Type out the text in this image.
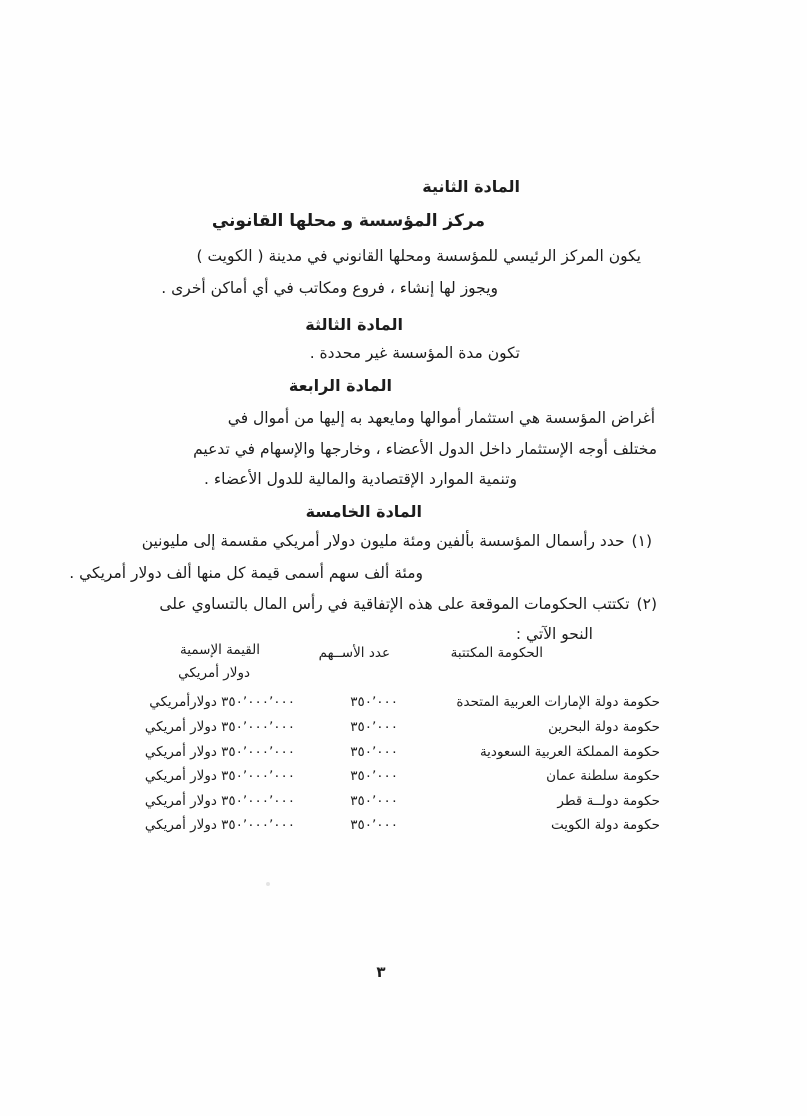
المادة الثانية
مركز المؤسسة و محلها القانوني
يكون المركز الرئيسي للمؤسسة ومحلها القانوني في مدينة ( الكويت )
ويجوز لها إنشاء ، فروع ومكاتب في أي أماكن أخرى .
المادة الثالثة
تكون مدة المؤسسة غير محددة .
المادة الرابعة
أغراض المؤسسة هي استثمار أموالها ومايعهد به إليها من أموال في
مختلف أوجه الإستثمار داخل الدول الأعضاء ، وخارجها والإسهام في تدعيم
وتنمية الموارد الإقتصادية والمالية للدول الأعضاء .
المادة الخامسة
(١)حدد رأسمال المؤسسة بألفين ومئة مليون دولار أمريكي مقسمة إلى مليونين
ومئة ألف سهم أسمى قيمة كل منها ألف دولار أمريكي .
(٢)تكتتب الحكومات الموقعة على هذه الإتفاقية في رأس المال بالتساوي على
النحو الآتي :
الحكومة المكتتبة
عدد الأســهم
القيمة الإسمية
دولار أمريكي
حكومة دولة الإمارات العربية المتحدة
٣٥٠٬٠٠٠
٣٥٠٬٠٠٠٬٠٠٠ دولارأمريكي
حكومة دولة البحرين
٣٥٠٬٠٠٠
٣٥٠٬٠٠٠٬٠٠٠ دولار أمريكي
حكومة المملكة العربية السعودية
٣٥٠٬٠٠٠
٣٥٠٬٠٠٠٬٠٠٠ دولار أمريكي
حكومة سلطنة عمان
٣٥٠٬٠٠٠
٣٥٠٬٠٠٠٬٠٠٠ دولار أمريكي
حكومة دولــة قطر
٣٥٠٬٠٠٠
٣٥٠٬٠٠٠٬٠٠٠ دولار أمريكي
حكومة دولة الكويت
٣٥٠٬٠٠٠
٣٥٠٬٠٠٠٬٠٠٠ دولار أمريكي
٣
